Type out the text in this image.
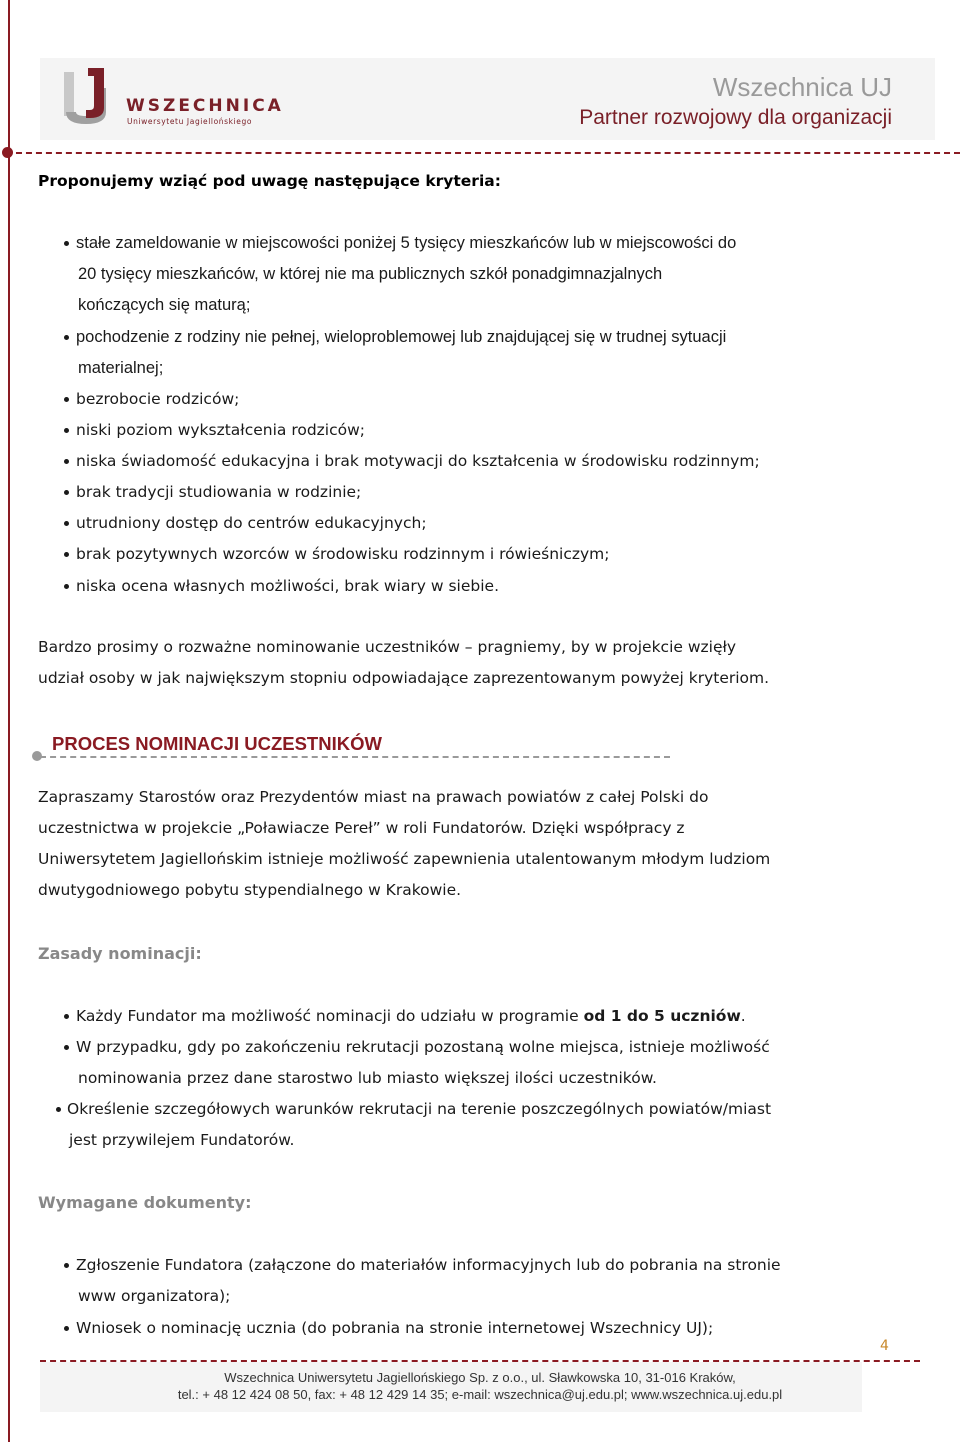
WSZECHNICA
Uniwersytetu Jagiellońskiego
Wszechnica UJ
Partner rozwojowy dla organizacji
Proponujemy wziąć pod uwagę następujące kryteria:
stałe zameldowanie w miejscowości poniżej 5 tysięcy mieszkańców lub w miejscowości do
20 tysięcy mieszkańców, w której nie ma publicznych szkół ponadgimnazjalnych
kończących się maturą;
pochodzenie z rodziny nie pełnej, wieloproblemowej lub znajdującej się w trudnej sytuacji
materialnej;
bezrobocie rodziców;
niski poziom wykształcenia rodziców;
niska świadomość edukacyjna i brak motywacji do kształcenia w środowisku rodzinnym;
brak tradycji studiowania w rodzinie;
utrudniony dostęp do centrów edukacyjnych;
brak pozytywnych wzorców w środowisku rodzinnym i rówieśniczym;
niska ocena własnych możliwości, brak wiary w siebie.
Bardzo prosimy o rozważne nominowanie uczestników – pragniemy, by w projekcie wzięły
udział osoby w jak największym stopniu odpowiadające zaprezentowanym powyżej kryteriom.
PROCES NOMINACJI UCZESTNIKÓW
Zapraszamy Starostów oraz Prezydentów miast na prawach powiatów z całej Polski do
uczestnictwa w projekcie „Poławiacze Pereł” w roli Fundatorów. Dzięki współpracy z
Uniwersytetem Jagiellońskim istnieje możliwość zapewnienia utalentowanym młodym ludziom
dwutygodniowego pobytu stypendialnego w Krakowie.
Zasady nominacji:
Każdy Fundator ma możliwość nominacji do udziału w programie od 1 do 5 uczniów.
W przypadku, gdy po zakończeniu rekrutacji pozostaną wolne miejsca, istnieje możliwość
nominowania przez dane starostwo lub miasto większej ilości uczestników.
Określenie szczegółowych warunków rekrutacji na terenie poszczególnych powiatów/miast
jest przywilejem Fundatorów.
Wymagane dokumenty:
Zgłoszenie Fundatora (załączone do materiałów informacyjnych lub do pobrania na stronie
www organizatora);
Wniosek o nominację ucznia (do pobrania na stronie internetowej Wszechnicy UJ);
4
Wszechnica Uniwersytetu Jagiellońskiego Sp. z o.o., ul. Sławkowska 10, 31-016 Kraków,
tel.: + 48 12 424 08 50, fax: + 48 12 429 14 35; e-mail: wszechnica@uj.edu.pl; www.wszechnica.uj.edu.pl
